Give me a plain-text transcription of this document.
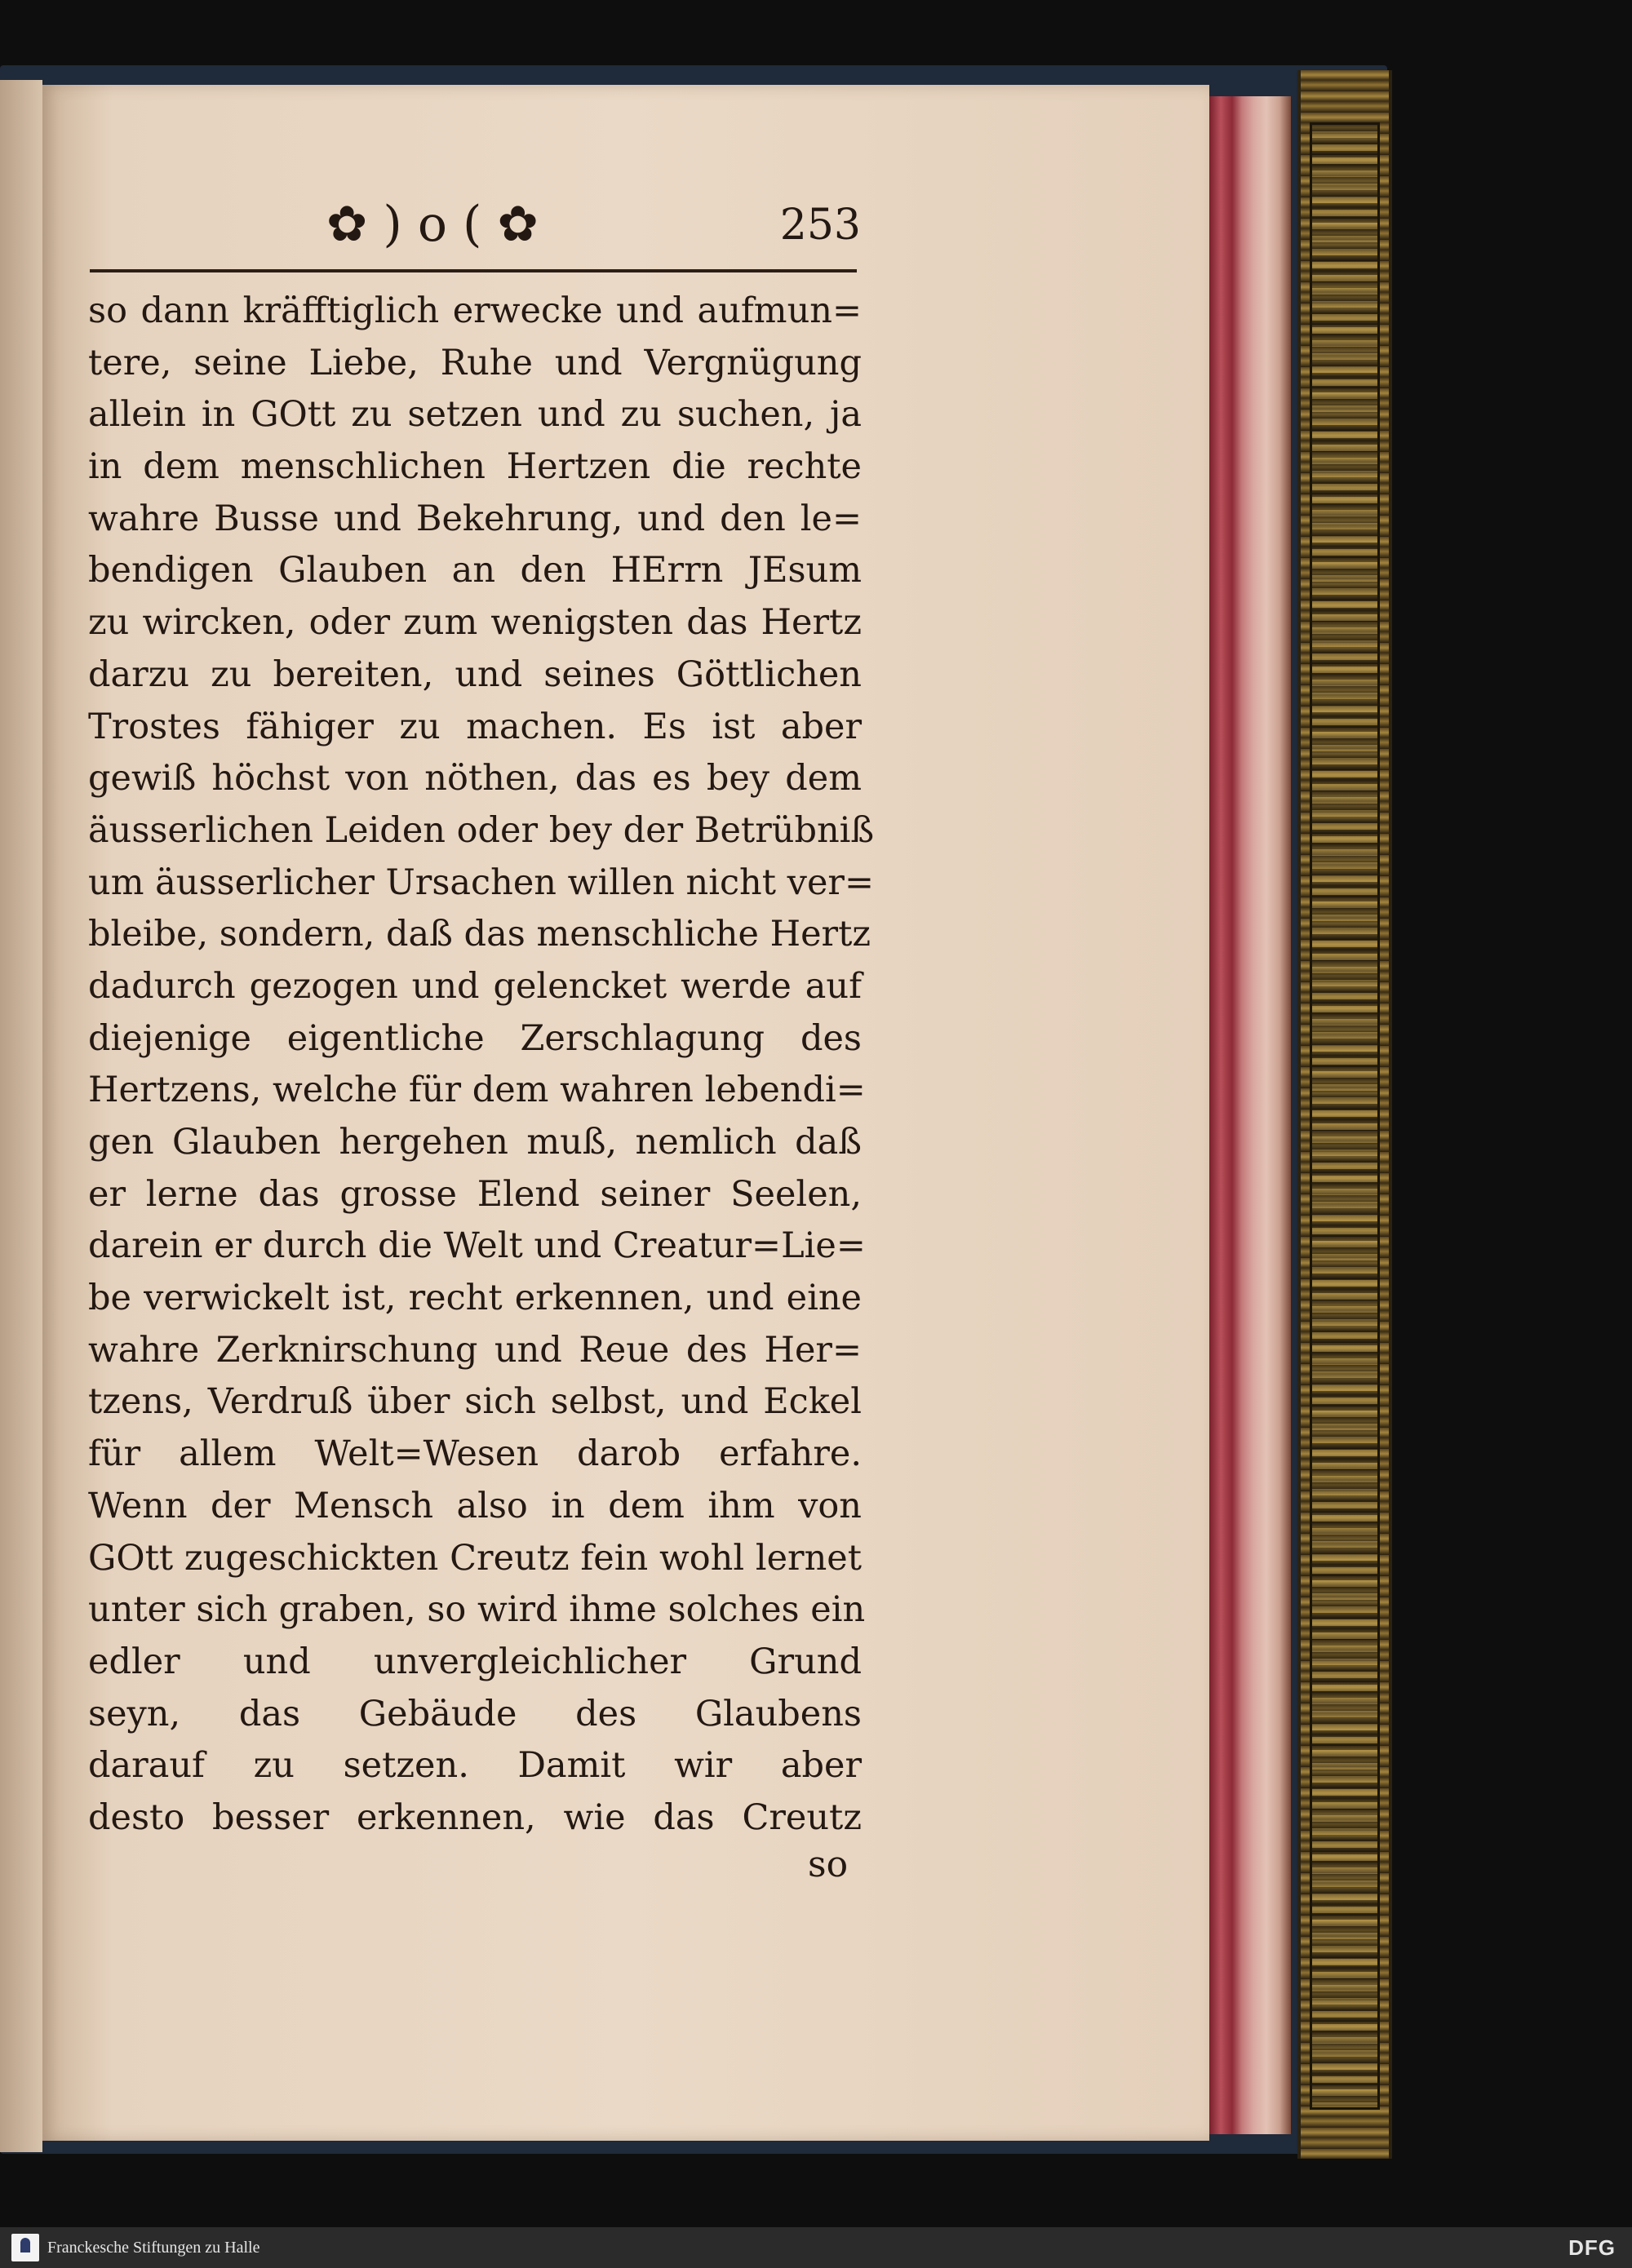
✿ ) o ( ✿	253
so dann kräfftiglich erwecke und aufmun=
tere, seine Liebe, Ruhe und Vergnügung
allein in GOtt zu setzen und zu suchen, ja
in dem menschlichen Hertzen die rechte
wahre Busse und Bekehrung, und den le=
bendigen Glauben an den HErrn JEsum
zu wircken, oder zum wenigsten das Hertz
darzu zu bereiten, und seines Göttlichen
Trostes fähiger zu machen. Es ist aber
gewiß höchst von nöthen, das es bey dem
äusserlichen Leiden oder bey der Betrübniß
um äusserlicher Ursachen willen nicht ver=
bleibe, sondern, daß das menschliche Hertz
dadurch gezogen und gelencket werde auf
diejenige eigentliche Zerschlagung des
Hertzens, welche für dem wahren lebendi=
gen Glauben hergehen muß, nemlich daß
er lerne das grosse Elend seiner Seelen,
darein er durch die Welt und Creatur=Lie=
be verwickelt ist, recht erkennen, und eine
wahre Zerknirschung und Reue des Her=
tzens, Verdruß über sich selbst, und Eckel
für allem Welt=Wesen darob erfahre.
Wenn der Mensch also in dem ihm von
GOtt zugeschickten Creutz fein wohl lernet
unter sich graben, so wird ihme solches ein
edler und unvergleichlicher Grund
seyn, das Gebäude des Glaubens
darauf zu setzen. Damit wir aber
desto besser erkennen, wie das Creutz
so
Franckesche Stiftungen zu Halle	DFG
